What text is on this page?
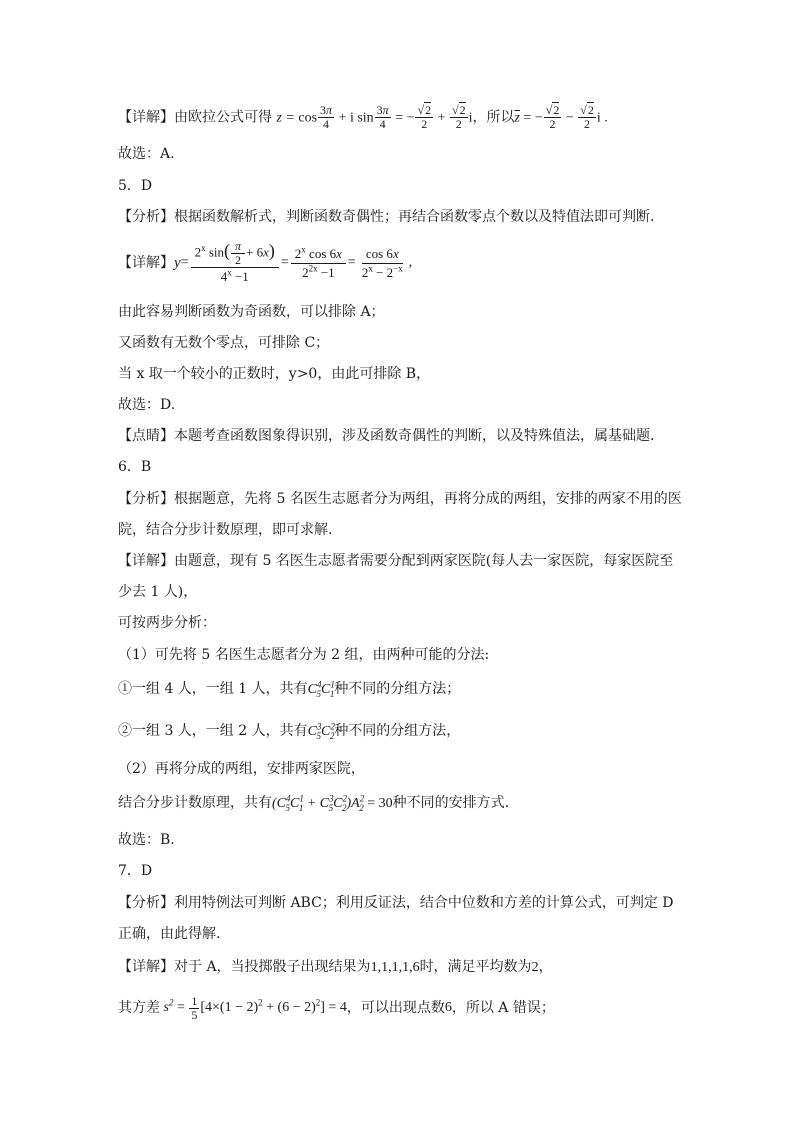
【详解】由欧拉公式可得 $z = \cos \frac{3\pi}{4} + i$ $\sin \frac{3\pi}{4}$ = − $\frac{√2}{2} + \frac{√2}{2}$ i，所以$\overline{z}$ = − $\frac{√2}{2} - \frac{√2}{2}$ i .
故选：A.
5．D
【分析】根据函数解析式，判断函数奇偶性；再结合函数零点个数以及特值法即可判断.
【详解】 $y = \frac{2^x \sin( \frac{\pi}{2} + 6x)}{4^x -1} = \frac{2^x \cos 6x}{2^{2x} -1} = \frac{\cos 6x}{2^x - 2^{-x}}$ ,
由此容易判断函数为奇函数，可以排除 A；
又函数有无数个零点，可排除 C；
当 x 取一个较小的正数时，y>0，由此可排除 B，
故选：D.
【点睛】本题考查函数图象得识别，涉及函数奇偶性的判断，以及特殊值法，属基础题.
6．B
【分析】根据题意，先将 5 名医生志愿者分为两组，再将分成的两组，安排的两家不用的医
院，结合分步计数原理，即可求解.
【详解】由题意，现有 5 名医生志愿者需要分配到两家医院(每人去一家医院，每家医院至
少去 1 人)，
可按两步分析：
（1）可先将 5 名医生志愿者分为 2 组，由两种可能的分法:
①一组 4 人，一组 1 人，共有$C^4_5C^1_1$种不同的分组方法；
②一组 3 人，一组 2 人，共有$C^3_5C^2_2$种不同的分组方法，
（2）再将分成的两组，安排两家医院，
结合分步计数原理，共有$(C^4_5C^1_1 + C^3_5C^2_2)A^2_2 = 30$种不同的安排方式.
故选：B.
7．D
【分析】利用特例法可判断 ABC；利用反证法，结合中位数和方差的计算公式，可判定 D
正确，由此得解.
【详解】对于 A，当投掷骰子出现结果为1,1,1,1,6时，满足平均数为2，
其方差 $s^2 = \frac{1}{5} [4\times(1 - 2)^2 + (6 - 2)^2] = 4$ ，可以出现点数 6 ，所以 A 错误；
